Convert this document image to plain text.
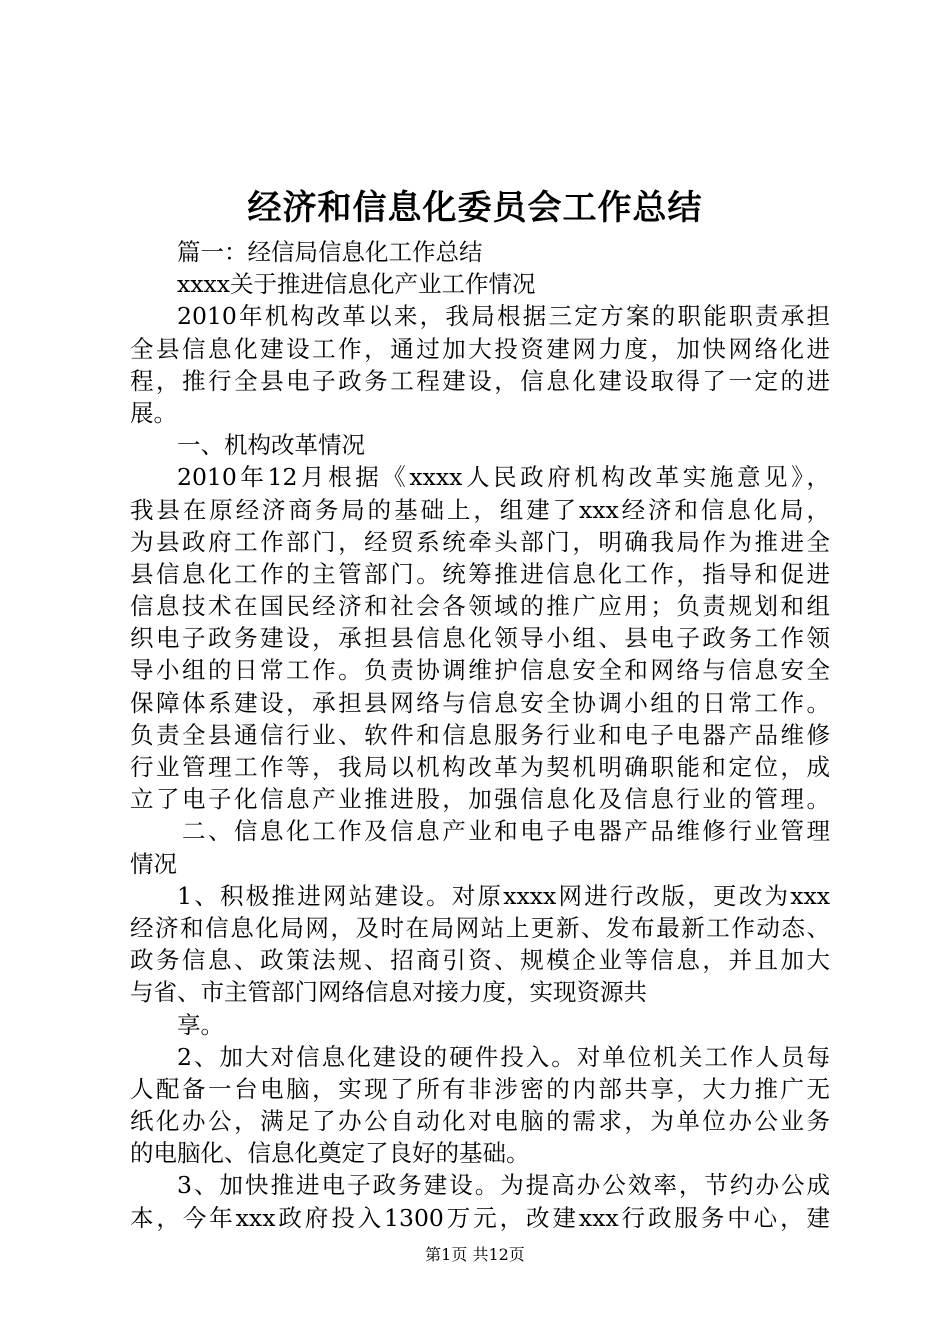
经济和信息化委员会工作总结
篇一：经信局信息化工作总结
xxxx关于推进信息化产业工作情况
2010年机构改革以来，我局根据三定方案的职能职责承担
全县信息化建设工作，通过加大投资建网力度，加快网络化进
程，推行全县电子政务工程建设，信息化建设取得了一定的进
展。
一、机构改革情况
2010年12月根据《xxxx人民政府机构改革实施意见》，
我县在原经济商务局的基础上，组建了xxx经济和信息化局，
为县政府工作部门，经贸系统牵头部门，明确我局作为推进全
县信息化工作的主管部门。统筹推进信息化工作，指导和促进
信息技术在国民经济和社会各领域的推广应用；负责规划和组
织电子政务建设，承担县信息化领导小组、县电子政务工作领
导小组的日常工作。负责协调维护信息安全和网络与信息安全
保障体系建设，承担县网络与信息安全协调小组的日常工作。
负责全县通信行业、软件和信息服务行业和电子电器产品维修
行业管理工作等，我局以机构改革为契机明确职能和定位，成
立了电子化信息产业推进股，加强信息化及信息行业的管理。
二、信息化工作及信息产业和电子电器产品维修行业管理
情况
1、积极推进网站建设。对原xxxx网进行改版，更改为xxx
经济和信息化局网，及时在局网站上更新、发布最新工作动态、
政务信息、政策法规、招商引资、规模企业等信息，并且加大
与省、市主管部门网络信息对接力度，实现资源共
享。
2、加大对信息化建设的硬件投入。对单位机关工作人员每
人配备一台电脑，实现了所有非涉密的内部共享，大力推广无
纸化办公，满足了办公自动化对电脑的需求，为单位办公业务
的电脑化、信息化奠定了良好的基础。
3、加快推进电子政务建设。为提高办公效率，节约办公成
本，今年xxx政府投入1300万元，改建xxx行政服务中心，建
第1页 共12页
